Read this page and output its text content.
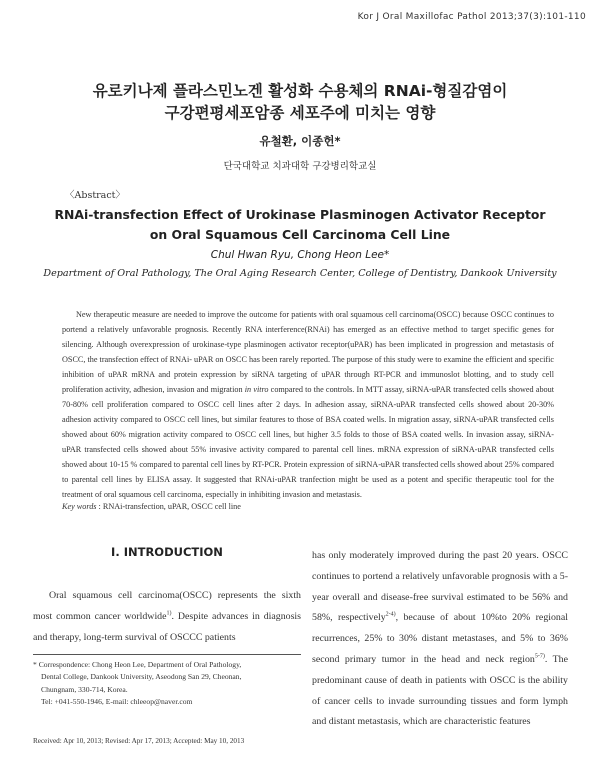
Kor J Oral Maxillofac Pathol 2013;37(3):101-110
유로키나제 플라스민노겐 활성화 수용체의 RNAi-형질감염이
구강편평세포암종 세포주에 미치는 영향
유철환, 이종헌*
단국대학교 치과대학 구강병리학교실
〈Abstract〉
RNAi-transfection Effect of Urokinase Plasminogen Activator Receptor
on Oral Squamous Cell Carcinoma Cell Line
Chul Hwan Ryu, Chong Heon Lee*
Department of Oral Pathology, The Oral Aging Research Center, College of Dentistry, Dankook University

New therapeutic measure are needed to improve the outcome for patients with oral squamous cell carcinoma(OSCC) because OSCC continues to portend a relatively unfavorable prognosis. Recently RNA interference(RNAi) has emerged as an effective method to target specific genes for silencing. Although overexpression of urokinase-type plasminogen activator receptor(uPAR) has been implicated in progression and metastasis of OSCC, the transfection effect of RNAi- uPAR on OSCC has been rarely reported. The purpose of this study were to examine the efficient and specific inhibition of uPAR mRNA and protein expression by siRNA targeting of uPAR through RT-PCR and immunoslot blotting, and to study cell proliferation activity, adhesion, invasion and migration in vitro compared to the controls. In MTT assay, siRNA-uPAR transfected cells showed about 70-80% cell proliferation compared to OSCC cell lines after 2 days. In adhesion assay, siRNA-uPAR transfected cells showed about 20-30% adhesion activity compared to OSCC cell lines, but similar features to those of BSA coated wells. In migration assay, siRNA-uPAR transfected cells showed about 60% migration activity compared to OSCC cell lines, but higher 3.5 folds to those of BSA coated wells. In invasion assay, siRNA-uPAR transfected cells showed about 55% invasive activity compared to parental cell lines. mRNA expression of siRNA-uPAR transfected cells showed about 10-15 % compared to parental cell lines by RT-PCR. Protein expression of siRNA-uPAR transfected cells showed about 25% compared to parental cell lines by ELISA assay. It suggested that RNAi-uPAR tranfection might be used as a potent and specific therapeutic tool for the treatment of oral squamous cell carcinoma, especially in inhibiting invasion and metastasis.

Key words : RNAi-transfection, uPAR, OSCC cell line
Ⅰ. INTRODUCTION

Oral squamous cell carcinoma(OSCC) represents the sixth most common cancer worldwide$^{1)}$. Despite advances in diagnosis and therapy, long-term survival of OSCCC patients

has only moderately improved during the past 20 years. OSCC continues to portend a relatively unfavorable prognosis with a 5-year overall and disease-free survival estimated to be 56% and 58%, respectively$^{2-4)}$, because of about 10%to 20% regional recurrences, 25% to 30% distant metastases, and 5% to 36% second primary tumor in the head and neck region$^{5-7)}$. The predominant cause of death in patients with OSCC is the ability of cancer cells to invade surrounding tissues and form lymph and distant metastasis, which are characteristic features

* Correspondence: Chong Heon Lee, Department of Oral Pathology,
Dental College, Dankook University, Aseodong San 29, Cheonan,
Chungnam, 330-714, Korea.
Tel: +041-550-1946, E-mail: chleeop@naver.com
Received: Apr 10, 2013; Revised: Apr 17, 2013; Accepted: May 10, 2013
